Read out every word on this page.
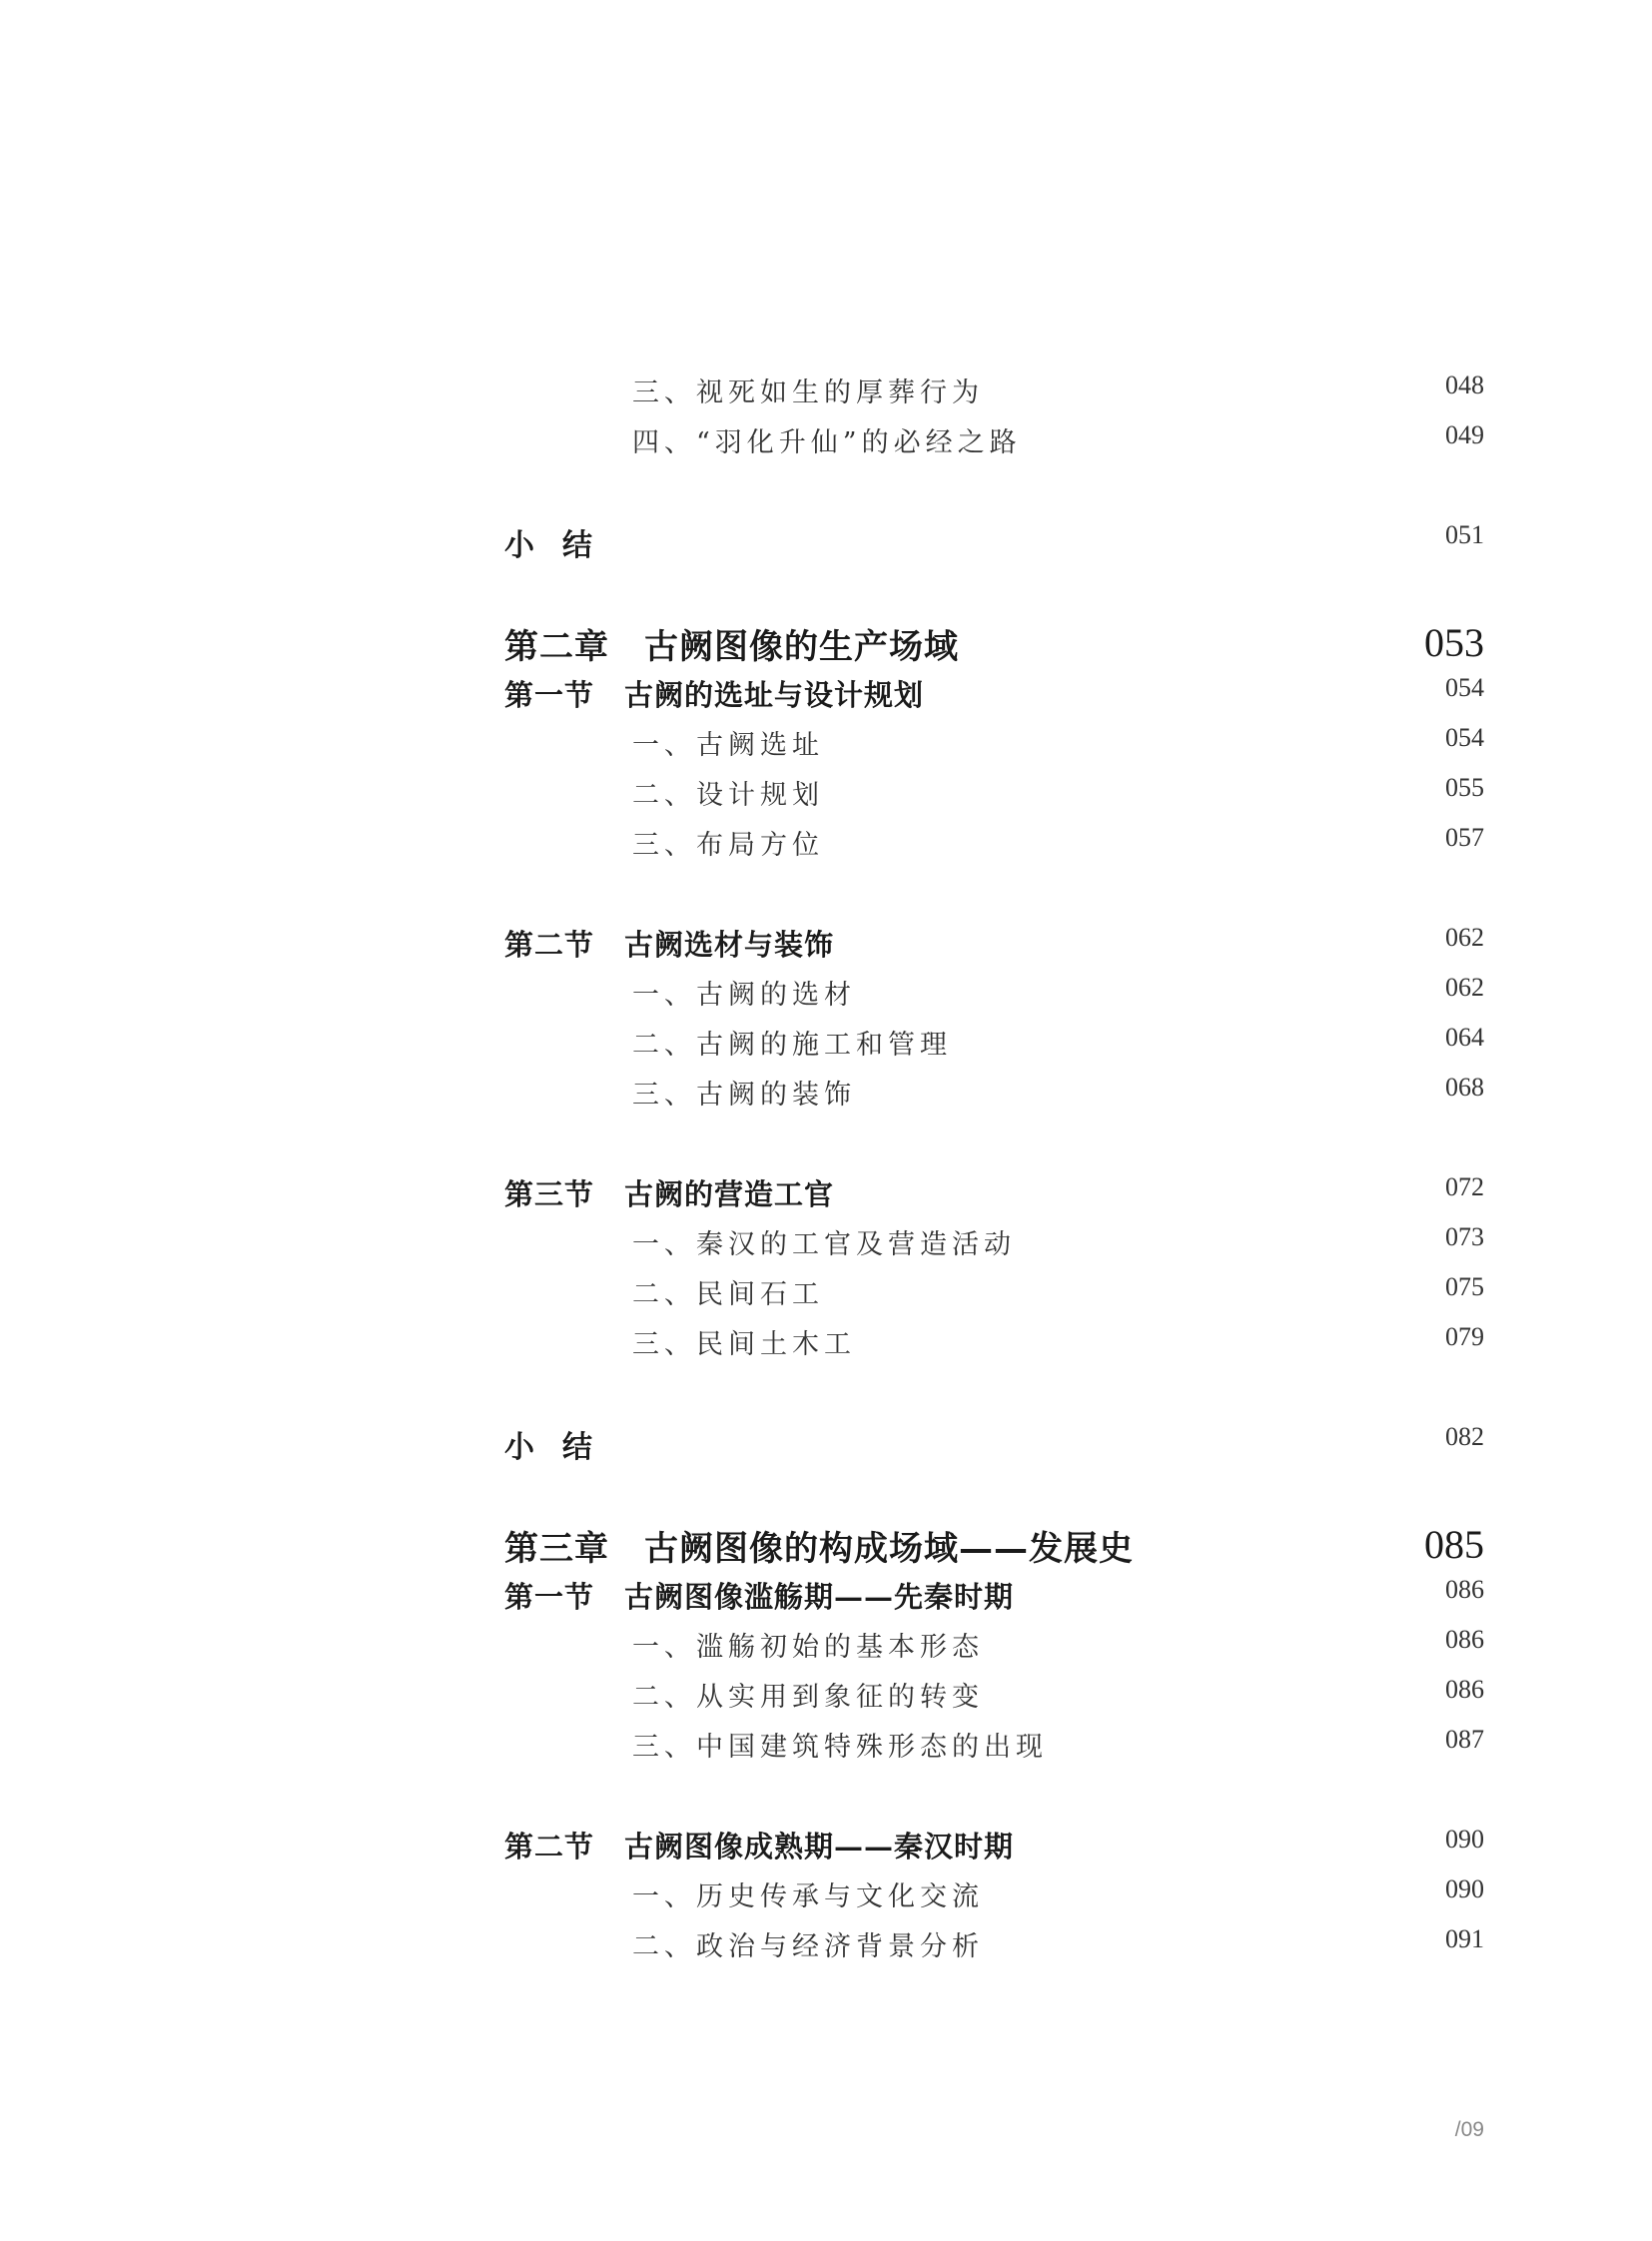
三、视死如生的厚葬行为	048
四、“羽化升仙”的必经之路	049
小结	051
第二章　古阙图像的生产场域	053
第一节　古阙的选址与设计规划	054
一、古阙选址	054
二、设计规划	055
三、布局方位	057
第二节　古阙选材与装饰	062
一、古阙的选材	062
二、古阙的施工和管理	064
三、古阙的装饰	068
第三节　古阙的营造工官	072
一、秦汉的工官及营造活动	073
二、民间石工	075
三、民间土木工	079
小结	082
第三章　古阙图像的构成场域——发展史	085
第一节　古阙图像滥觞期——先秦时期	086
一、滥觞初始的基本形态	086
二、从实用到象征的转变	086
三、中国建筑特殊形态的出现	087
第二节　古阙图像成熟期——秦汉时期	090
一、历史传承与文化交流	090
二、政治与经济背景分析	091
/09
